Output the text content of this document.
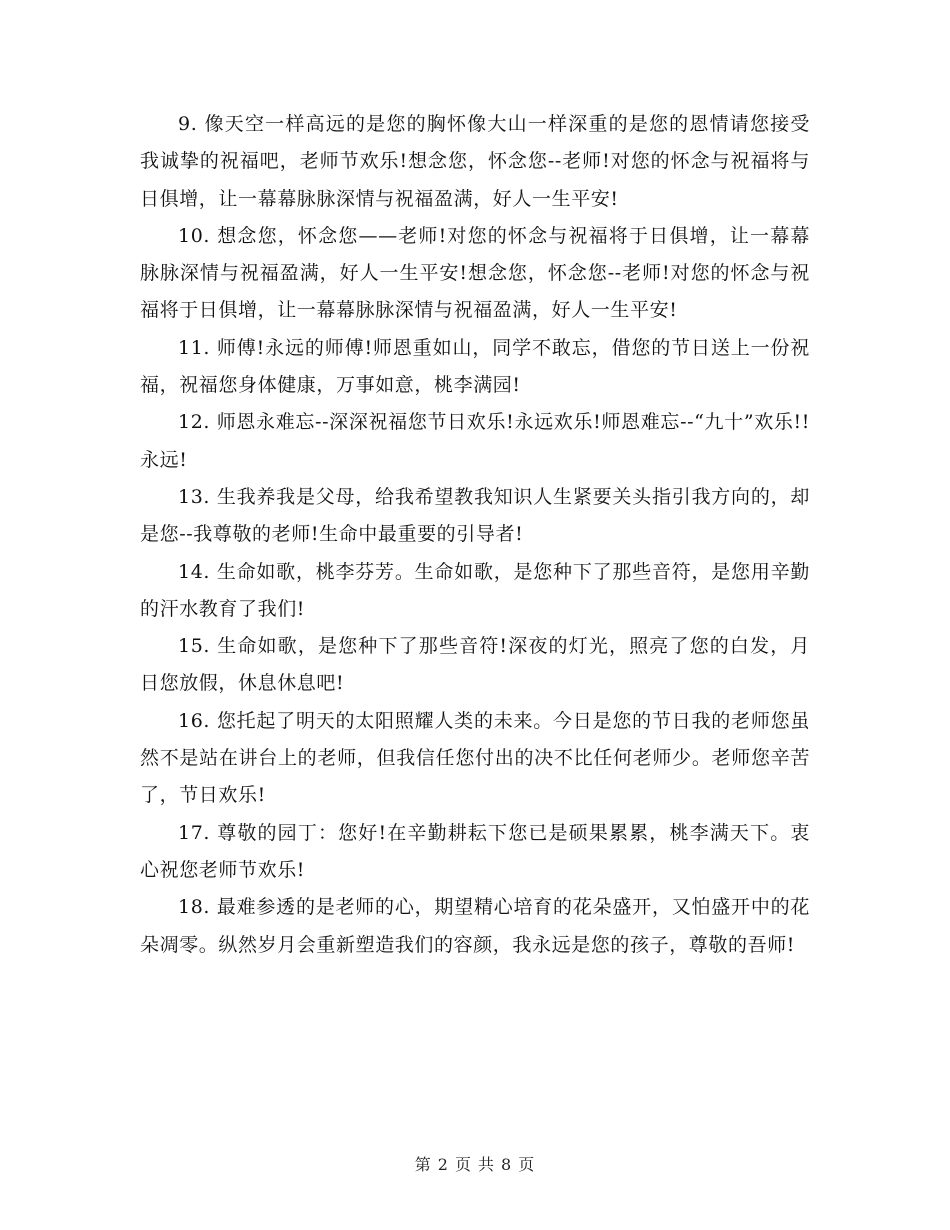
9. 像天空一样高远的是您的胸怀像大山一样深重的是您的恩情请您接受我诚挚的祝福吧，老师节欢乐!想念您，怀念您--老师!对您的怀念与祝福将与日俱增，让一幕幕脉脉深情与祝福盈满，好人一生平安!

10. 想念您，怀念您——老师!对您的怀念与祝福将于日俱增，让一幕幕脉脉深情与祝福盈满，好人一生平安!想念您，怀念您--老师!对您的怀念与祝福将于日俱增，让一幕幕脉脉深情与祝福盈满，好人一生平安!

11. 师傅!永远的师傅!师恩重如山，同学不敢忘，借您的节日送上一份祝福，祝福您身体健康，万事如意，桃李满园!

12. 师恩永难忘--深深祝福您节日欢乐!永远欢乐!师恩难忘--“九十”欢乐!!永远!

13. 生我养我是父母，给我希望教我知识人生紧要关头指引我方向的，却是您--我尊敬的老师!生命中最重要的引导者!

14. 生命如歌，桃李芬芳。生命如歌，是您种下了那些音符，是您用辛勤的汗水教育了我们!

15. 生命如歌，是您种下了那些音符!深夜的灯光，照亮了您的白发，月日您放假，休息休息吧!

16. 您托起了明天的太阳照耀人类的未来。今日是您的节日我的老师您虽然不是站在讲台上的老师，但我信任您付出的决不比任何老师少。老师您辛苦了，节日欢乐!

17. 尊敬的园丁：您好!在辛勤耕耘下您已是硕果累累，桃李满天下。衷心祝您老师节欢乐!

18. 最难参透的是老师的心，期望精心培育的花朵盛开，又怕盛开中的花朵凋零。纵然岁月会重新塑造我们的容颜，我永远是您的孩子，尊敬的吾师!

第 2 页 共 8 页
